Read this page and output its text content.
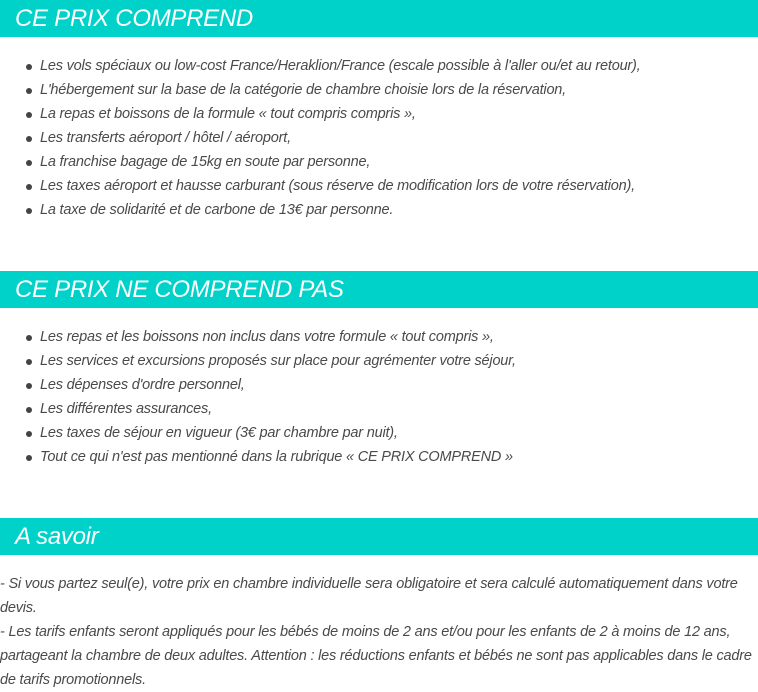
CE PRIX COMPREND
Les vols spéciaux ou low-cost France/Heraklion/France (escale possible à l'aller ou/et au retour),
L'hébergement sur la base de la catégorie de chambre choisie lors de la réservation,
La repas et boissons de la formule « tout compris compris »,
Les transferts aéroport / hôtel / aéroport,
La franchise bagage de 15kg en soute par personne,
Les taxes aéroport et hausse carburant (sous réserve de modification lors de votre réservation),
La taxe de solidarité et de carbone de 13€ par personne.
CE PRIX NE COMPREND PAS
Les repas et les boissons non inclus dans votre formule « tout compris »,
Les services et excursions proposés sur place pour agrémenter votre séjour,
Les dépenses d'ordre personnel,
Les différentes assurances,
Les taxes de séjour en vigueur (3€ par chambre par nuit),
Tout ce qui n'est pas mentionné dans la rubrique « CE PRIX COMPREND »
A savoir

- Si vous partez seul(e), votre prix en chambre individuelle sera obligatoire et sera calculé automatiquement dans votre devis.

- Les tarifs enfants seront appliqués pour les bébés de moins de 2 ans et/ou pour les enfants de 2 à moins de 12 ans, partageant la chambre de deux adultes. Attention : les réductions enfants et bébés ne sont pas applicables dans le cadre de tarifs promotionnels.
